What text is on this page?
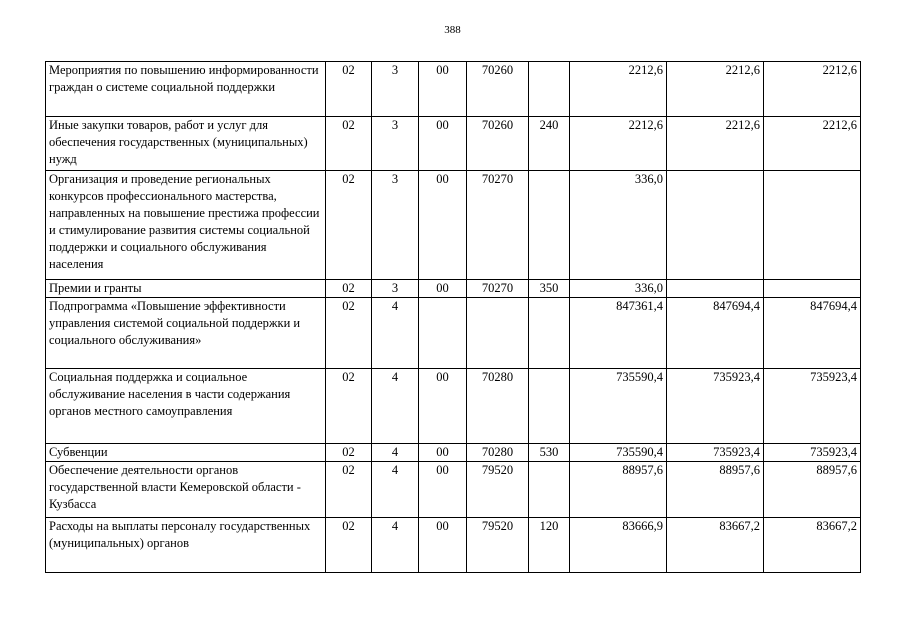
388
Мероприятия по повышению информированности граждан о системе социальной поддержки	02	3	00	70260		2212,6	2212,6	2212,6
Иные закупки товаров, работ и услуг для обеспечения государственных (муниципальных) нужд	02	3	00	70260	240	2212,6	2212,6	2212,6
Организация и проведение региональных конкурсов профессионального мастерства, направленных на повышение престижа профессии и стимулирование развития системы социальной поддержки и социального обслуживания населения	02	3	00	70270		336,0		
Премии и гранты	02	3	00	70270	350	336,0		
Подпрограмма «Повышение эффективности управления системой социальной поддержки и социального обслуживания»	02	4				847361,4	847694,4	847694,4
Социальная поддержка и социальное обслуживание населения в части содержания органов местного самоуправления	02	4	00	70280		735590,4	735923,4	735923,4
Субвенции	02	4	00	70280	530	735590,4	735923,4	735923,4
Обеспечение деятельности органов государственной власти Кемеровской области - Кузбасса	02	4	00	79520		88957,6	88957,6	88957,6
Расходы на выплаты персоналу государственных (муниципальных) органов	02	4	00	79520	120	83666,9	83667,2	83667,2
